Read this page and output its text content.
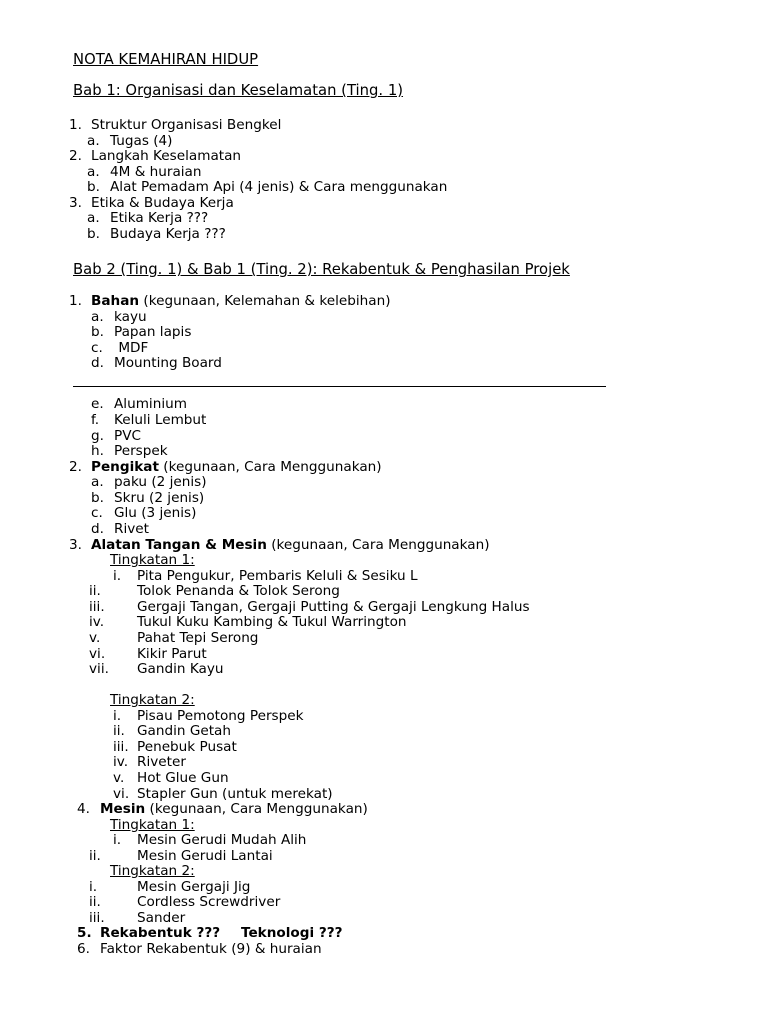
NOTA KEMAHIRAN HIDUP
Bab 1: Organisasi dan Keselamatan (Ting. 1)
1. Struktur Organisasi Bengkel
a. Tugas (4)
2. Langkah Keselamatan
a. 4M & huraian
b. Alat Pemadam Api (4 jenis) & Cara menggunakan
3. Etika & Budaya Kerja
a. Etika Kerja ???
b. Budaya Kerja ???
Bab 2 (Ting. 1) & Bab 1 (Ting. 2): Rekabentuk & Penghasilan Projek
1. Bahan (kegunaan, Kelemahan & kelebihan)
a. kayu
b. Papan lapis
c. MDF
d. Mounting Board
e. Aluminium
f. Keluli Lembut
g. PVC
h. Perspek
2. Pengikat (kegunaan, Cara Menggunakan)
a. paku (2 jenis)
b. Skru (2 jenis)
c. Glu (3 jenis)
d. Rivet
3. Alatan Tangan & Mesin (kegunaan, Cara Menggunakan)
Tingkatan 1:
i. Pita Pengukur, Pembaris Keluli & Sesiku L
ii.	Tolok Penanda & Tolok Serong
iii. Gergaji Tangan, Gergaji Putting & Gergaji Lengkung Halus
iv. Tukul Kuku Kambing & Tukul Warrington
v.	Pahat Tepi Serong
vi. Kikir Parut
vii. Gandin Kayu
Tingkatan 2:
i. Pisau Pemotong Perspek
ii. Gandin Getah
iii. Penebuk Pusat
iv. Riveter
v. Hot Glue Gun
vi. Stapler Gun (untuk merekat)
4. Mesin (kegunaan, Cara Menggunakan)
Tingkatan 1:
i. Mesin Gerudi Mudah Alih
ii.	Mesin Gerudi Lantai
Tingkatan 2:
i.	Mesin Gergaji Jig
ii.	Cordless Screwdriver
iii. Sander
5. Rekabentuk ??? Teknologi ???
6. Faktor Rekabentuk (9) & huraian
